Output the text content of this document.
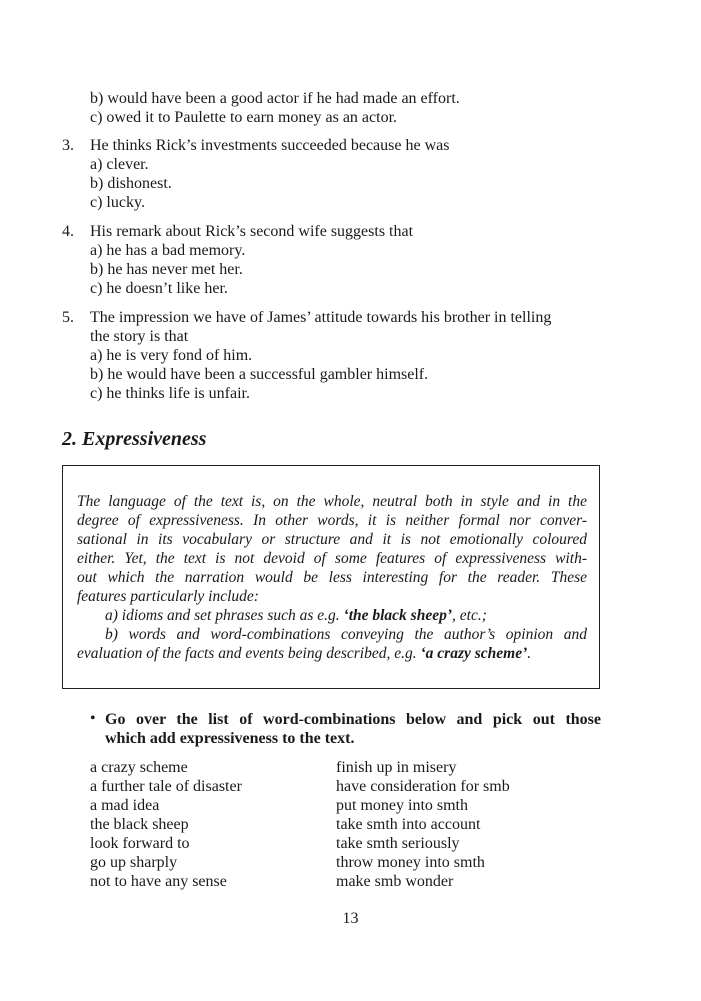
b) would have been a good actor if he had made an effort.
c) owed it to Paulette to earn money as an actor.
3. He thinks Rick’s investments succeeded because he was
a) clever.
b) dishonest.
c) lucky.
4. His remark about Rick’s second wife suggests that
a) he has a bad memory.
b) he has never met her.
c) he doesn’t like her.
5. The impression we have of James’ attitude towards his brother in telling
the story is that
a) he is very fond of him.
b) he would have been a successful gambler himself.
c) he thinks life is unfair.
2. Expressiveness
The language of the text is, on the whole, neutral both in style and in the
degree of expressiveness. In other words, it is neither formal nor conver-
sational in its vocabulary or structure and it is not emotionally coloured
either. Yet, the text is not devoid of some features of expressiveness with-
out which the narration would be less interesting for the reader. These
features particularly include:
a) idioms and set phrases such as e.g. ‘the black sheep’, etc.;
b) words and word-combinations conveying the author’s opinion and
evaluation of the facts and events being described, e.g. ‘a crazy scheme’.
• Go over the list of word-combinations below and pick out those
which add expressiveness to the text.
a crazy scheme
a further tale of disaster
a mad idea
the black sheep
look forward to
go up sharply
not to have any sense
finish up in misery
have consideration for smb
put money into smth
take smth into account
take smth seriously
throw money into smth
make smb wonder
13
